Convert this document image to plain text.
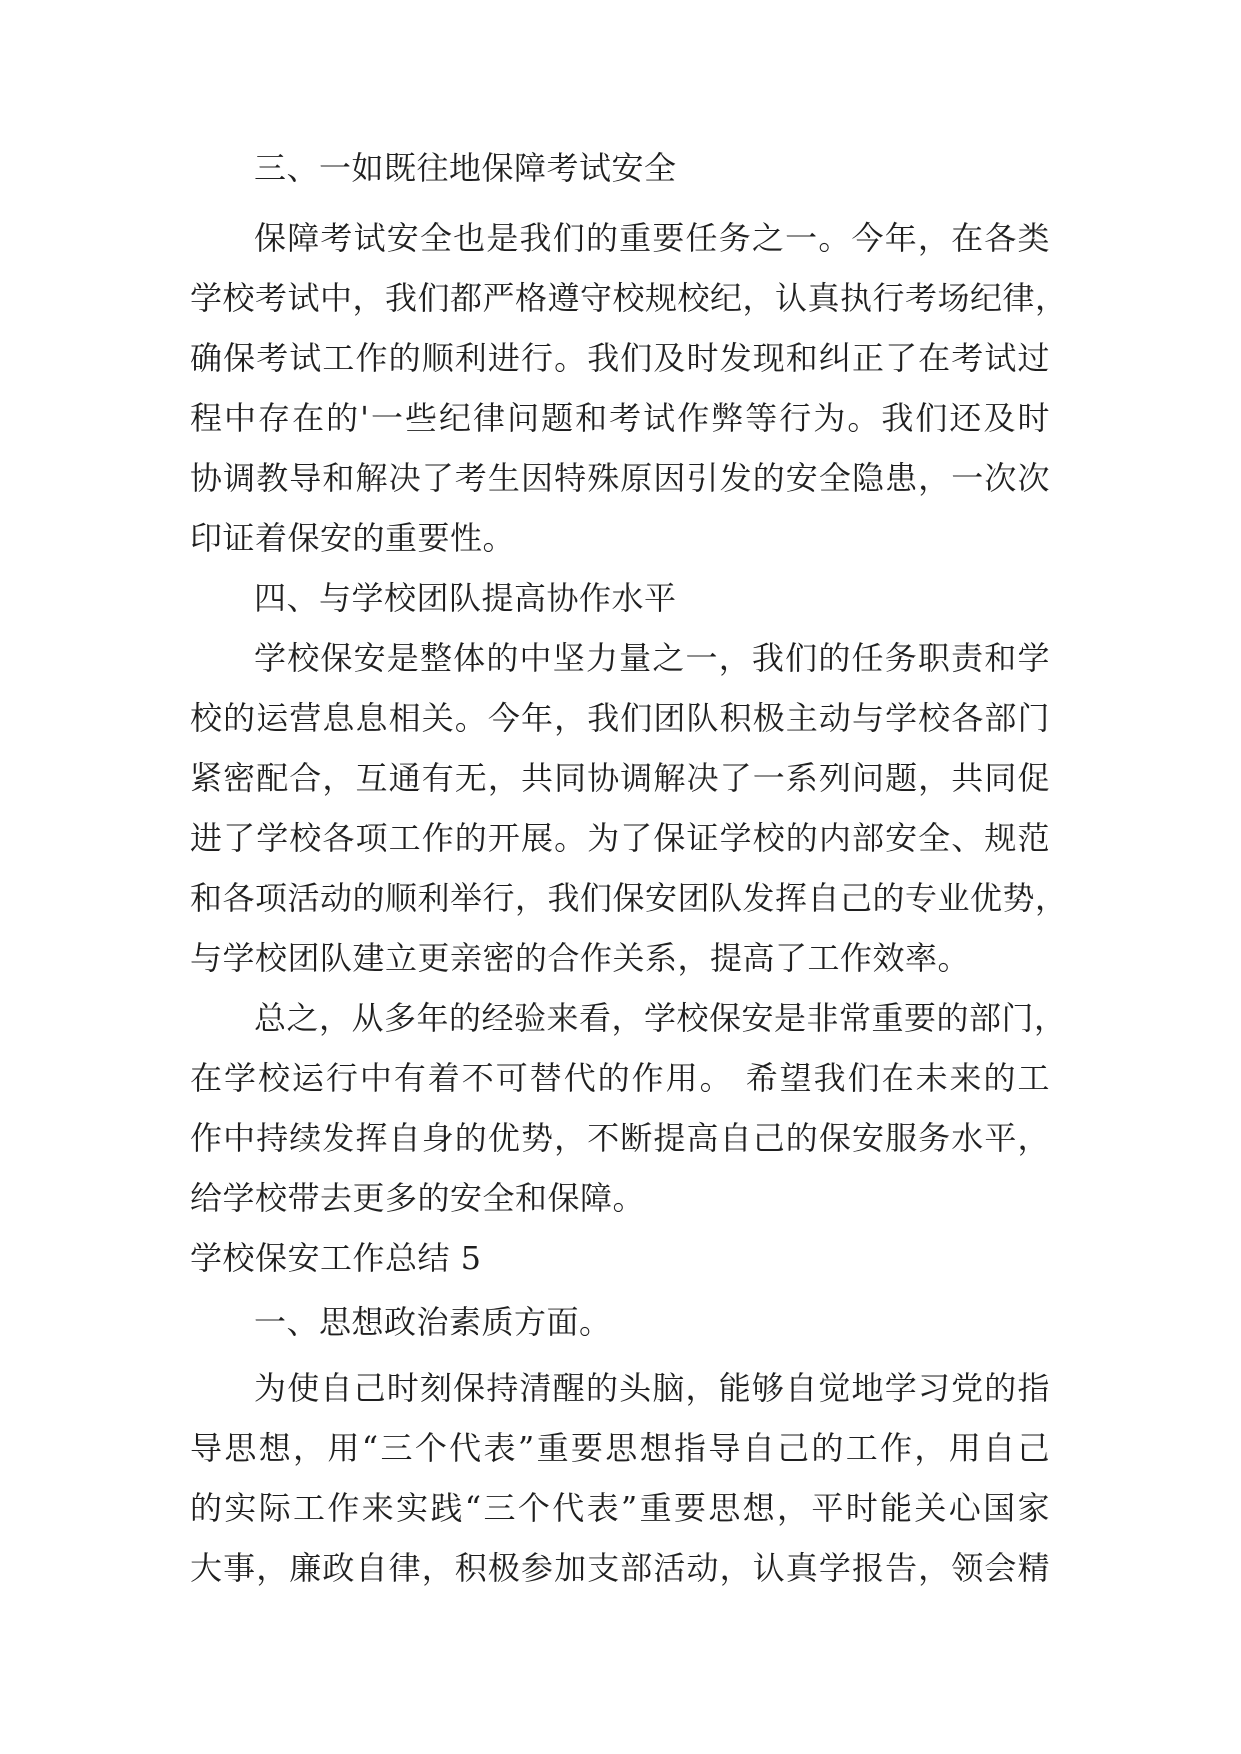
三、一如既往地保障考试安全
保障考试安全也是我们的重要任务之一。今年，在各类
学校考试中，我们都严格遵守校规校纪，认真执行考场纪律，
确保考试工作的顺利进行。我们及时发现和纠正了在考试过
程中存在的'一些纪律问题和考试作弊等行为。我们还及时
协调教导和解决了考生因特殊原因引发的安全隐患，一次次
印证着保安的重要性。
四、与学校团队提高协作水平
学校保安是整体的中坚力量之一，我们的任务职责和学
校的运营息息相关。今年，我们团队积极主动与学校各部门
紧密配合，互通有无，共同协调解决了一系列问题，共同促
进了学校各项工作的开展。为了保证学校的内部安全、规范
和各项活动的顺利举行，我们保安团队发挥自己的专业优势，
与学校团队建立更亲密的合作关系，提高了工作效率。
总之，从多年的经验来看，学校保安是非常重要的部门，
在学校运行中有着不可替代的作用。 希望我们在未来的工
作中持续发挥自身的优势，不断提高自己的保安服务水平，
给学校带去更多的安全和保障。
学校保安工作总结 5
一、思想政治素质方面。
为使自己时刻保持清醒的头脑，能够自觉地学习党的指
导思想，用“三个代表”重要思想指导自己的工作，用自己
的实际工作来实践“三个代表”重要思想，平时能关心国家
大事，廉政自律，积极参加支部活动，认真学报告，领会精
